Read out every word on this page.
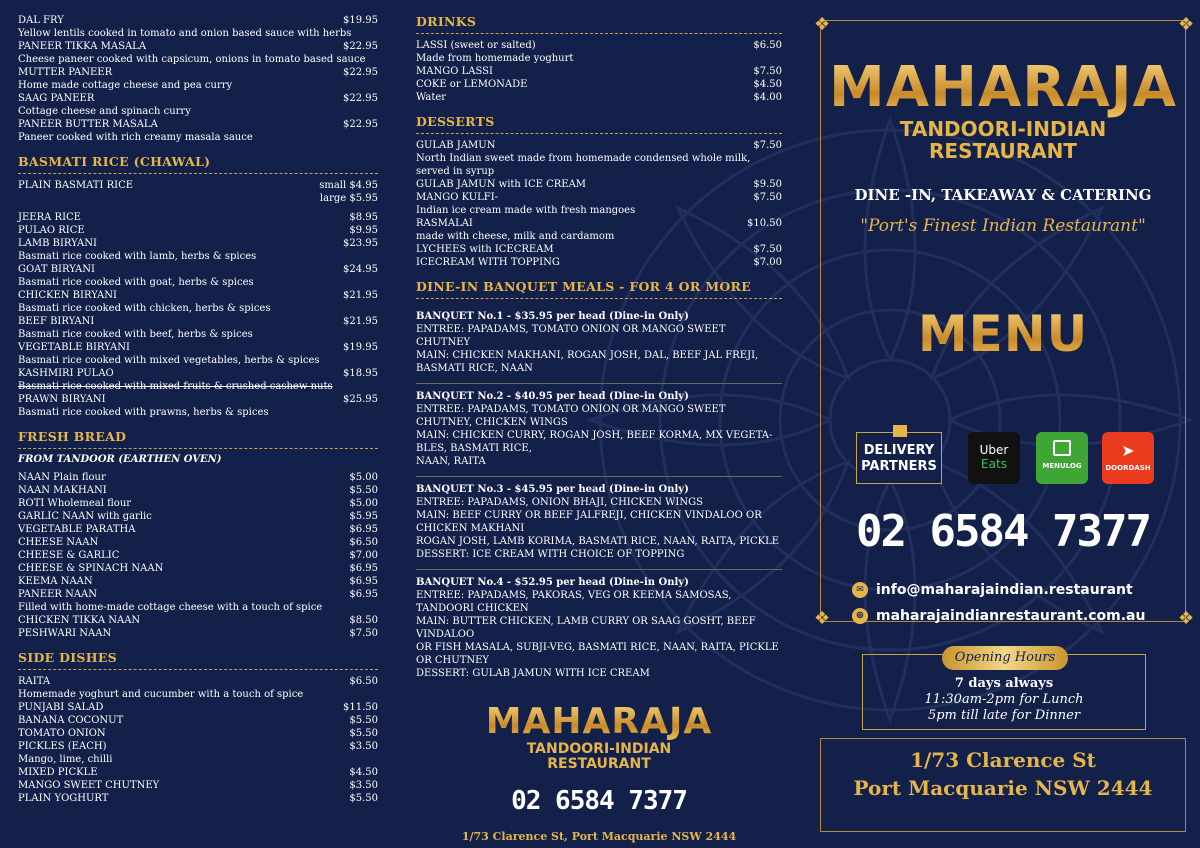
DAL FRY	$19.95
Yellow lentils cooked in tomato and onion based sauce with herbs
PANEER TIKKA MASALA	$22.95
Cheese paneer cooked with capsicum, onions in tomato based sauce
MUTTER PANEER	$22.95
Home made cottage cheese and pea curry
SAAG PANEER	$22.95
Cottage cheese and spinach curry
PANEER BUTTER MASALA	$22.95
Paneer cooked with rich creamy masala sauce
BASMATI RICE (CHAWAL)
PLAIN BASMATI RICE	small $4.95
large $5.95
JEERA RICE	$8.95
PULAO RICE	$9.95
LAMB BIRYANI	$23.95
Basmati rice cooked with lamb, herbs & spices
GOAT BIRYANI	$24.95
Basmati rice cooked with goat, herbs & spices
CHICKEN BIRYANI	$21.95
Basmati rice cooked with chicken, herbs & spices
BEEF BIRYANI	$21.95
Basmati rice cooked with beef, herbs & spices
VEGETABLE BIRYANI	$19.95
Basmati rice cooked with mixed vegetables, herbs & spices
KASHMIRI PULAO	$18.95
Basmati rice cooked with mixed fruits & crushed cashew nuts
PRAWN BIRYANI	$25.95
Basmati rice cooked with prawns, herbs & spices
FRESH BREAD
FROM TANDOOR (EARTHEN OVEN)
NAAN Plain flour	$5.00
NAAN MAKHANI	$5.50
ROTI Wholemeal flour	$5.00
GARLIC NAAN with garlic	$5.95
VEGETABLE PARATHA	$6.95
CHEESE NAAN	$6.50
CHEESE & GARLIC	$7.00
CHEESE & SPINACH NAAN	$6.95
KEEMA NAAN	$6.95
PANEER NAAN	$6.95
Filled with home-made cottage cheese with a touch of spice
CHICKEN TIKKA NAAN	$8.50
PESHWARI NAAN	$7.50
SIDE DISHES
RAITA	$6.50
Homemade yoghurt and cucumber with a touch of spice
PUNJABI SALAD	$11.50
BANANA COCONUT	$5.50
TOMATO ONION	$5.50
PICKLES (EACH)	$3.50
Mango, lime, chilli
MIXED PICKLE	$4.50
MANGO SWEET CHUTNEY	$3.50
PLAIN YOGHURT	$5.50
DRINKS
LASSI (sweet or salted)	$6.50
Made from homemade yoghurt
MANGO LASSI	$7.50
COKE or LEMONADE	$4.50
Water	$4.00
DESSERTS
GULAB JAMUN	$7.50
North Indian sweet made from homemade condensed whole milk, served in syrup
GULAB JAMUN with ICE CREAM	$9.50
MANGO KULFI-	$7.50
Indian ice cream made with fresh mangoes
RASMALAI	$10.50
made with cheese, milk and cardamom
LYCHEES with ICECREAM	$7.50
ICECREAM WITH TOPPING	$7.00
DINE-IN BANQUET MEALS - FOR 4 OR MORE
BANQUET No.1 - $35.95 per head (Dine-in Only)
ENTREE: PAPADAMS, TOMATO ONION OR MANGO SWEET CHUTNEY
MAIN: CHICKEN MAKHANI, ROGAN JOSH, DAL, BEEF JAL FREJI, BASMATI RICE, NAAN
BANQUET No.2 - $40.95 per head (Dine-in Only)
ENTREE: PAPADAMS, TOMATO ONION OR MANGO SWEET CHUTNEY, CHICKEN WINGS
MAIN: CHICKEN CURRY, ROGAN JOSH, BEEF KORMA, MX VEGETA-BLES, BASMATI RICE,
NAAN, RAITA
BANQUET No.3 - $45.95 per head (Dine-in Only)
ENTREE: PAPADAMS, ONION BHAJI, CHICKEN WINGS
MAIN: BEEF CURRY OR BEEF JALFREJI, CHICKEN VINDALOO OR CHICKEN MAKHANI
ROGAN JOSH, LAMB KORIMA, BASMATI RICE, NAAN, RAITA, PICKLE
DESSERT: ICE CREAM WITH CHOICE OF TOPPING
BANQUET No.4 - $52.95 per head (Dine-in Only)
ENTREE: PAPADAMS, PAKORAS, VEG OR KEEMA SAMOSAS, TANDOORI CHICKEN
MAIN: BUTTER CHICKEN, LAMB CURRY OR SAAG GOSHT, BEEF VINDALOO
OR FISH MASALA, SUBJI-VEG, BASMATI RICE, NAAN, RAITA, PICKLE OR CHUTNEY
DESSERT: GULAB JAMUN WITH ICE CREAM
MAHARAJA
TANDOORI-INDIAN
RESTAURANT
02 6584 7377
1/73 Clarence St, Port Macquarie NSW 2444
❖	❖
❖	❖
MAHARAJA
TANDOORI-INDIAN
RESTAURANT
DINE -IN, TAKEAWAY & CATERING
"Port's Finest Indian Restaurant"
MENU
DELIVERY
PARTNERS
Uber
Eats	MENULOG
➤
DOORDASH
02 6584 7377
✉ info@maharajaindian.restaurant
⊕ maharajaindianrestaurant.com.au
Opening Hours
7 days always
11:30am-2pm for Lunch
5pm till late for Dinner
1/73 Clarence St
Port Macquarie NSW 2444
